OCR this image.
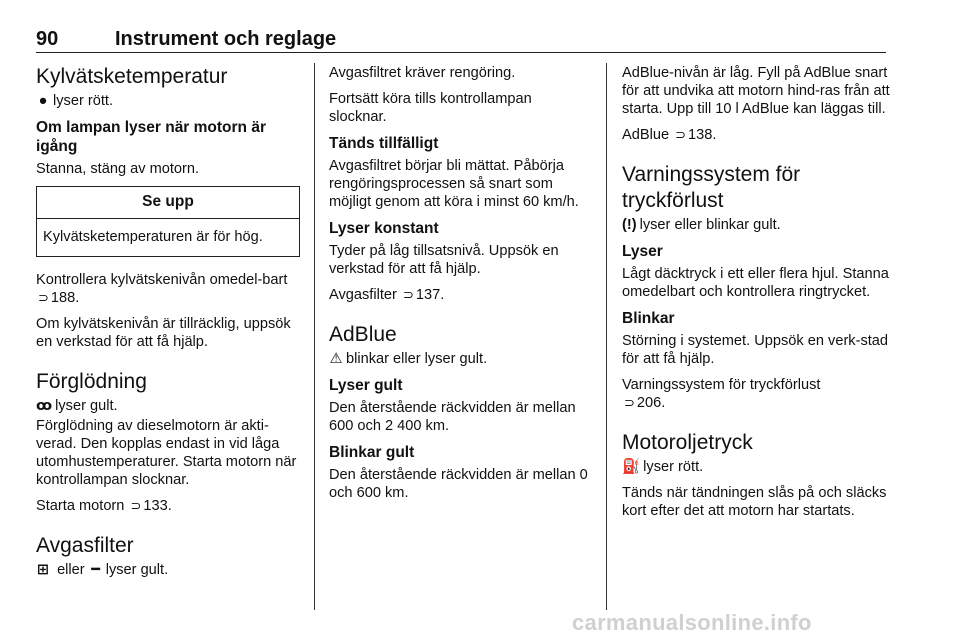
90	Instrument och reglage
Kylvätsketemperatur

● lyser rött.

Om lampan lyser när motorn är igång

Stanna, stäng av motorn.

Se upp
Kylvätsketemperaturen är för hög.

Kontrollera kylvätskenivån omedel-bart ⊃ 188.

Om kylvätskenivån är tillräcklig, uppsök en verkstad för att få hjälp.

Förglödning

ꝏ lyser gult.

Förglödning av dieselmotorn är akti-verad. Den kopplas endast in vid låga utomhustemperaturer. Starta motorn när kontrollampan slocknar.

Starta motorn ⊃ 133.

Avgasfilter

⊞ eller ━ lyser gult.

Avgasfiltret kräver rengöring.

Fortsätt köra tills kontrollampan slocknar.

Tänds tillfälligt

Avgasfiltret börjar bli mättat. Påbörja rengöringsprocessen så snart som möjligt genom att köra i minst 60 km/h.

Lyser konstant

Tyder på låg tillsatsnivå. Uppsök en verkstad för att få hjälp.

Avgasfilter ⊃ 137.

AdBlue

⚠ blinkar eller lyser gult.

Lyser gult

Den återstående räckvidden är mellan 600 och 2 400 km.

Blinkar gult

Den återstående räckvidden är mellan 0 och 600 km.

AdBlue-nivån är låg. Fyll på AdBlue snart för att undvika att motorn hind-ras från att starta. Upp till 10 l AdBlue kan läggas till.

AdBlue ⊃ 138.

Varningssystem för tryckförlust

(!) lyser eller blinkar gult.

Lyser

Lågt däcktryck i ett eller flera hjul. Stanna omedelbart och kontrollera ringtrycket.

Blinkar

Störning i systemet. Uppsök en verk-stad för att få hjälp.

Varningssystem för tryckförlust
⊃ 206.

Motoroljetryck

⛽ lyser rött.

Tänds när tändningen slås på och släcks kort efter det att motorn har startats.

carmanualsonline.info
